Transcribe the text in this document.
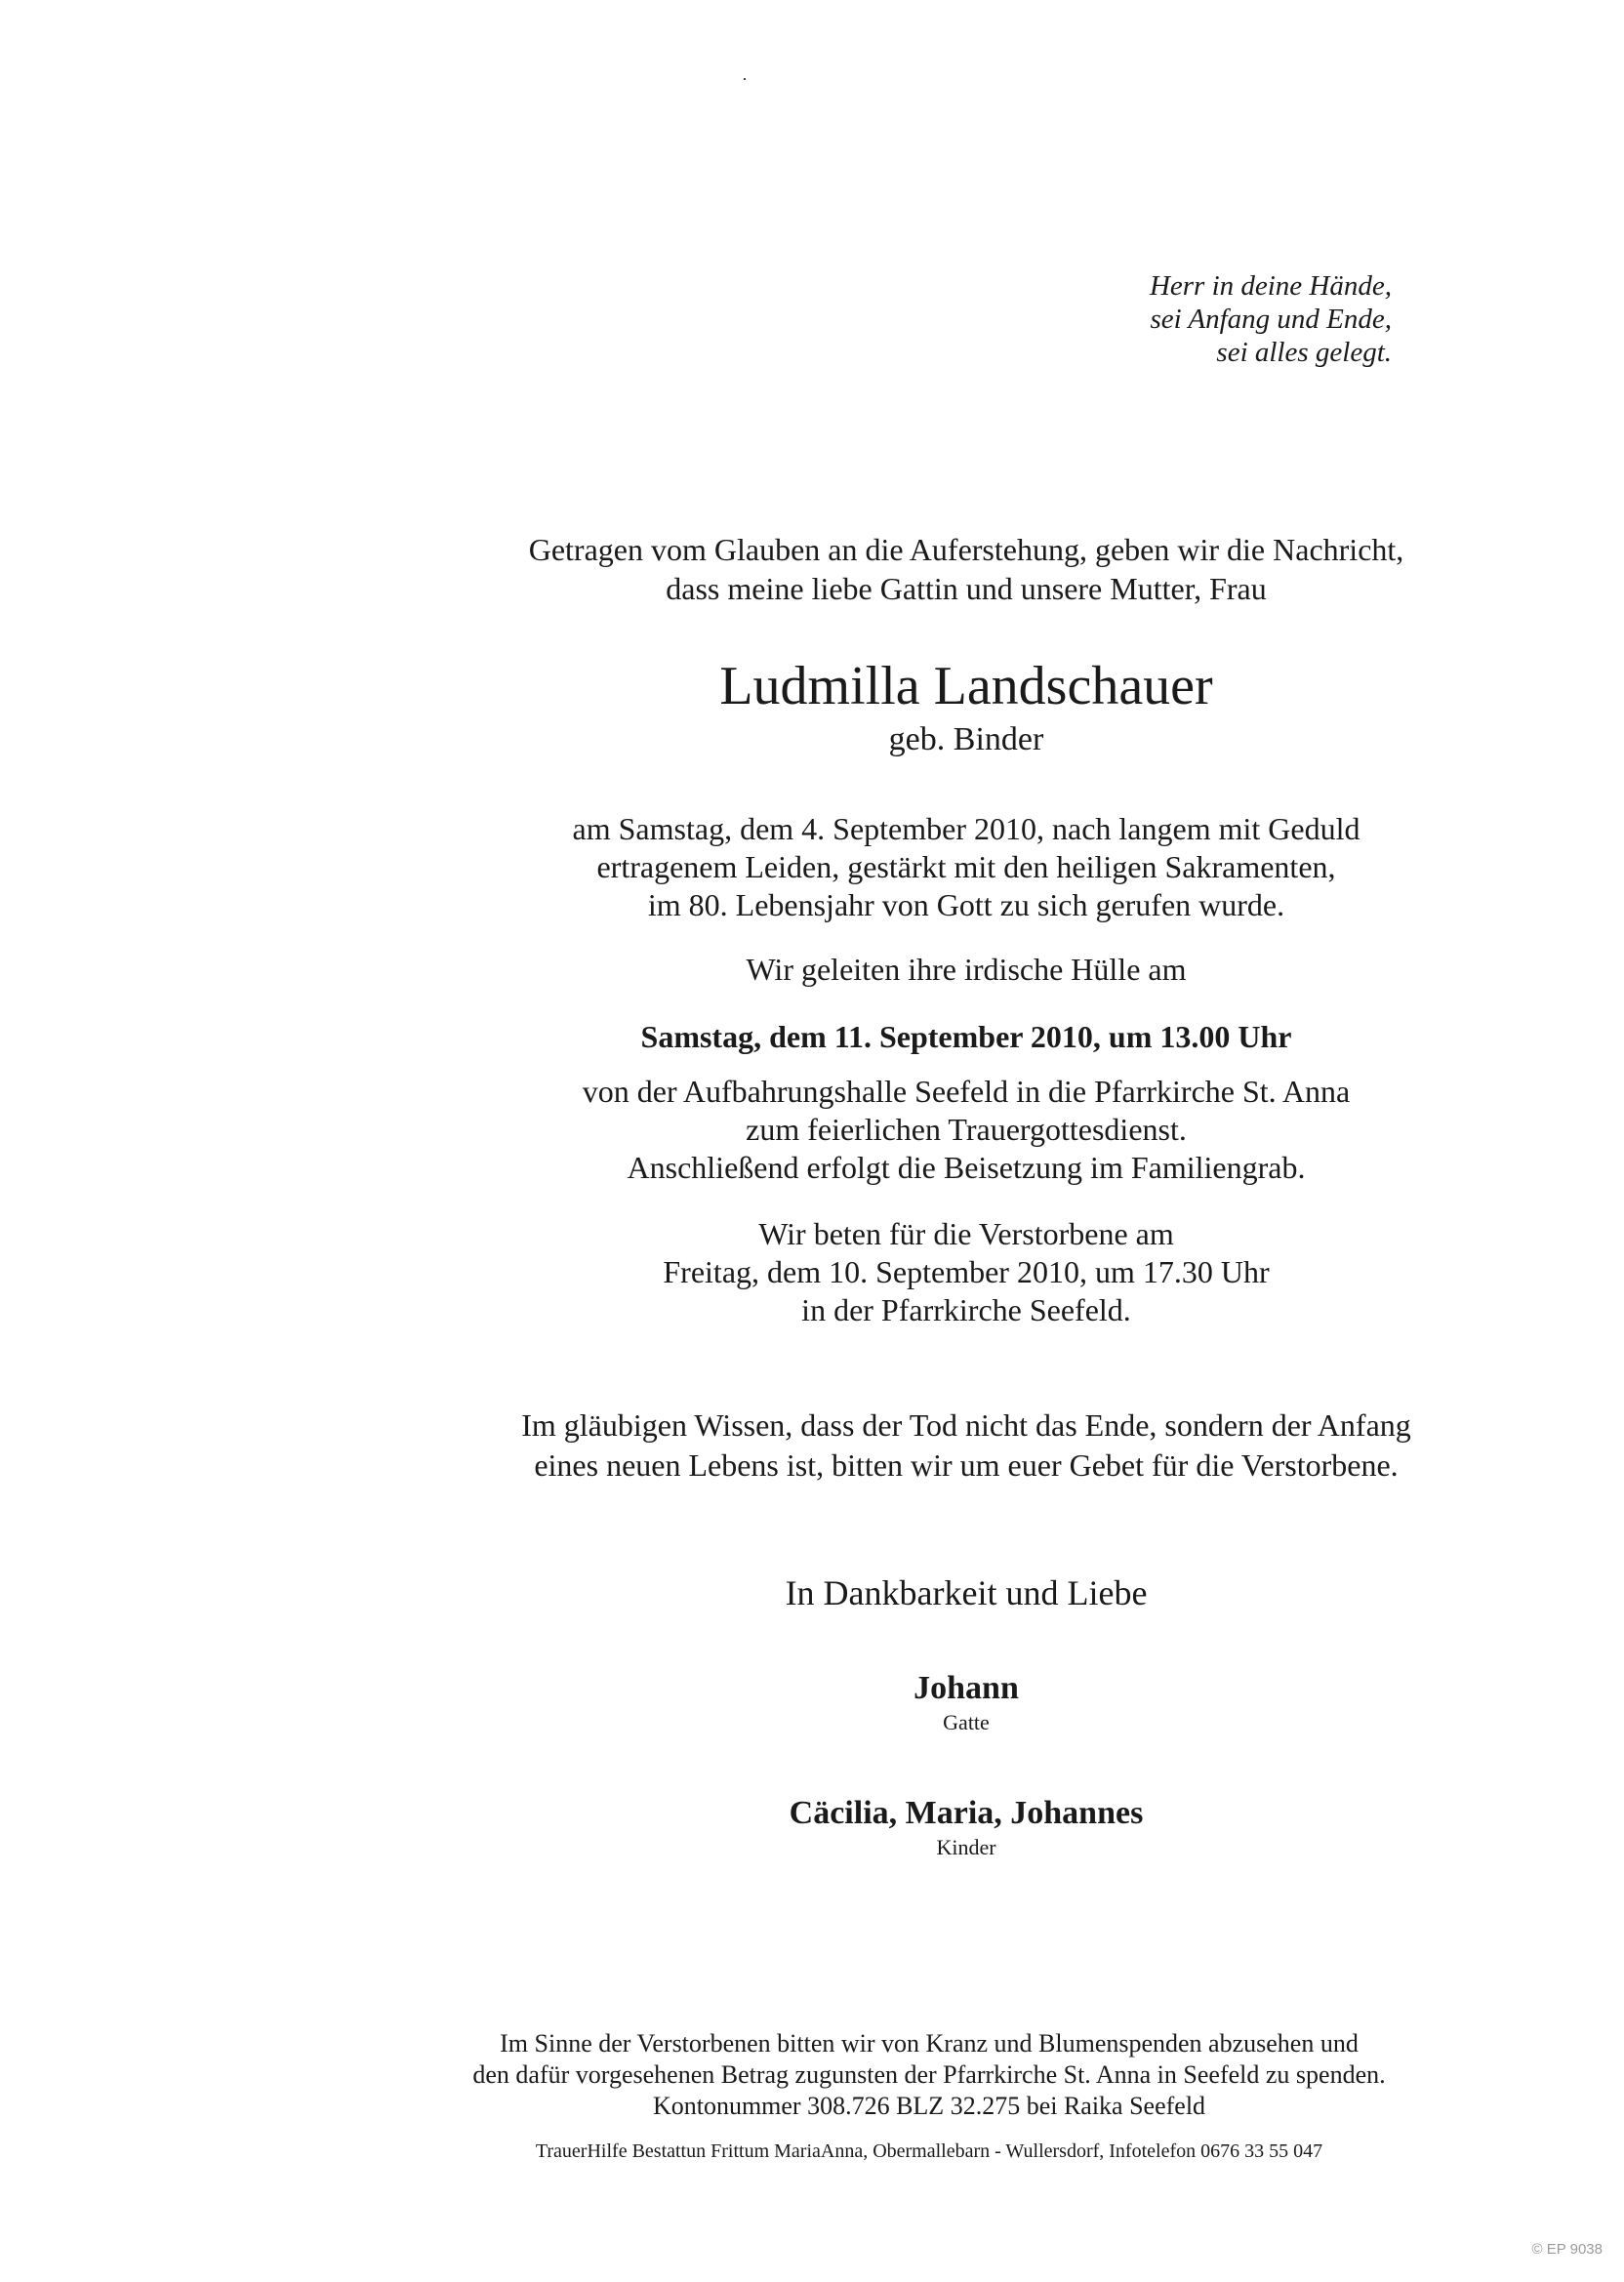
Herr in deine Hände,
sei Anfang und Ende,
sei alles gelegt.
Getragen vom Glauben an die Auferstehung, geben wir die Nachricht,
dass meine liebe Gattin und unsere Mutter, Frau
Ludmilla Landschauer
geb. Binder
am Samstag, dem 4. September 2010, nach langem mit Geduld
ertragenem Leiden, gestärkt mit den heiligen Sakramenten,
im 80. Lebensjahr von Gott zu sich gerufen wurde.
Wir geleiten ihre irdische Hülle am
Samstag, dem 11. September 2010, um 13.00 Uhr
von der Aufbahrungshalle Seefeld in die Pfarrkirche St. Anna
zum feierlichen Trauergottesdienst.
Anschließend erfolgt die Beisetzung im Familiengrab.
Wir beten für die Verstorbene am
Freitag, dem 10. September 2010, um 17.30 Uhr
in der Pfarrkirche Seefeld.
Im gläubigen Wissen, dass der Tod nicht das Ende, sondern der Anfang
eines neuen Lebens ist, bitten wir um euer Gebet für die Verstorbene.
In Dankbarkeit und Liebe
Johann
Gatte
Cäcilia, Maria, Johannes
Kinder
Im Sinne der Verstorbenen bitten wir von Kranz und Blumenspenden abzusehen und
den dafür vorgesehenen Betrag zugunsten der Pfarrkirche St. Anna in Seefeld zu spenden.
Kontonummer 308.726 BLZ 32.275 bei Raika Seefeld
TrauerHilfe Bestattun Frittum MariaAnna, Obermallebarn - Wullersdorf, Infotelefon 0676 33 55 047
© EP 9038
